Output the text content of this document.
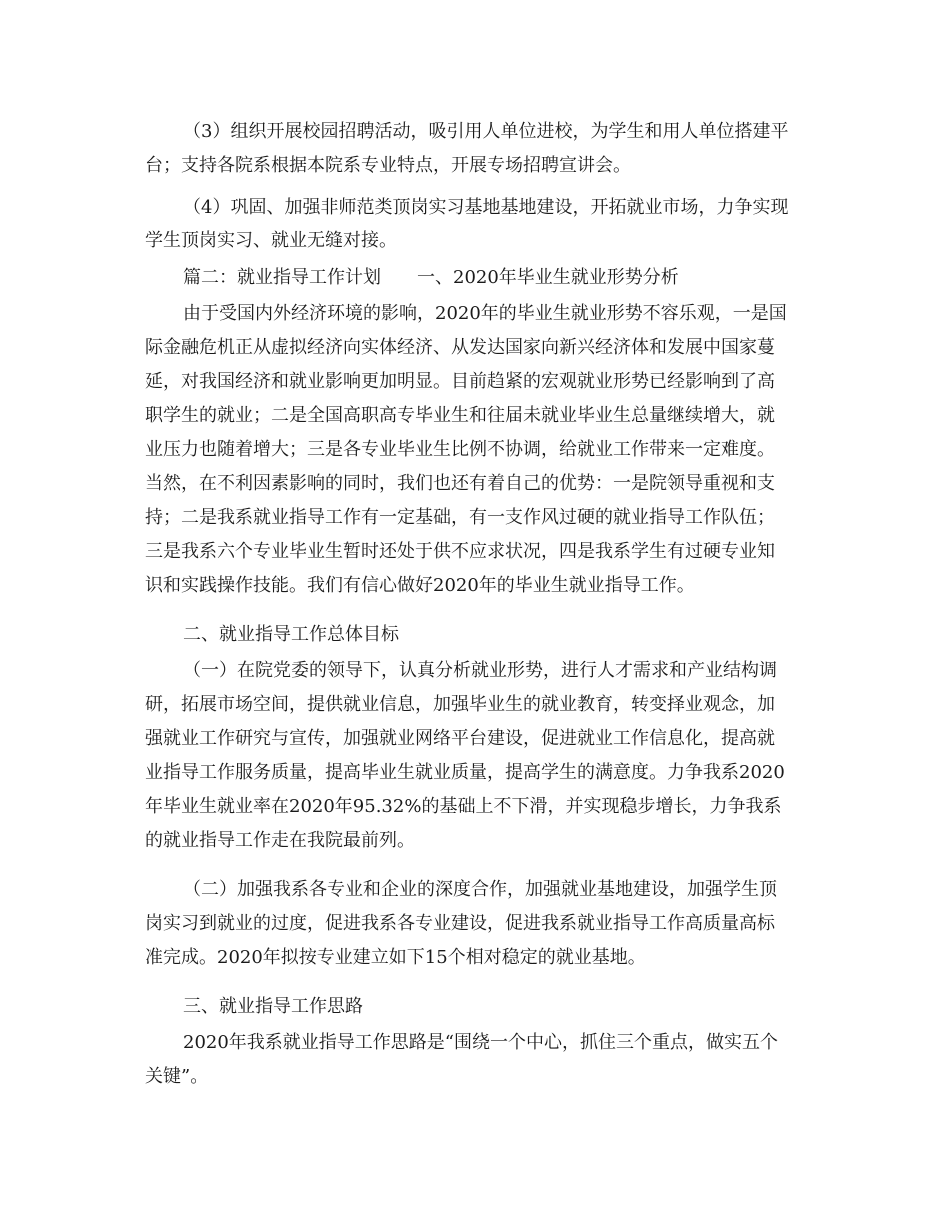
（3）组织开展校园招聘活动，吸引用人单位进校，为学生和用人单位搭建平
台；支持各院系根据本院系专业特点，开展专场招聘宣讲会。
（4）巩固、加强非师范类顶岗实习基地基地建设，开拓就业市场，力争实现
学生顶岗实习、就业无缝对接。
篇二：就业指导工作计划　　一、2020年毕业生就业形势分析
由于受国内外经济环境的影响，2020年的毕业生就业形势不容乐观，一是国
际金融危机正从虚拟经济向实体经济、从发达国家向新兴经济体和发展中国家蔓
延，对我国经济和就业影响更加明显。目前趋紧的宏观就业形势已经影响到了高
职学生的就业；二是全国高职高专毕业生和往届未就业毕业生总量继续增大，就
业压力也随着增大；三是各专业毕业生比例不协调，给就业工作带来一定难度。
当然，在不利因素影响的同时，我们也还有着自己的优势：一是院领导重视和支
持；二是我系就业指导工作有一定基础，有一支作风过硬的就业指导工作队伍；
三是我系六个专业毕业生暂时还处于供不应求状况，四是我系学生有过硬专业知
识和实践操作技能。我们有信心做好2020年的毕业生就业指导工作。
二、就业指导工作总体目标
（一）在院党委的领导下，认真分析就业形势，进行人才需求和产业结构调
研，拓展市场空间，提供就业信息，加强毕业生的就业教育，转变择业观念，加
强就业工作研究与宣传，加强就业网络平台建设，促进就业工作信息化，提高就
业指导工作服务质量，提高毕业生就业质量，提高学生的满意度。力争我系2020
年毕业生就业率在2020年95.32%的基础上不下滑，并实现稳步增长，力争我系
的就业指导工作走在我院最前列。
（二）加强我系各专业和企业的深度合作，加强就业基地建设，加强学生顶
岗实习到就业的过度，促进我系各专业建设，促进我系就业指导工作高质量高标
准完成。2020年拟按专业建立如下15个相对稳定的就业基地。
三、就业指导工作思路
2020年我系就业指导工作思路是“围绕一个中心，抓住三个重点，做实五个
关键”。
